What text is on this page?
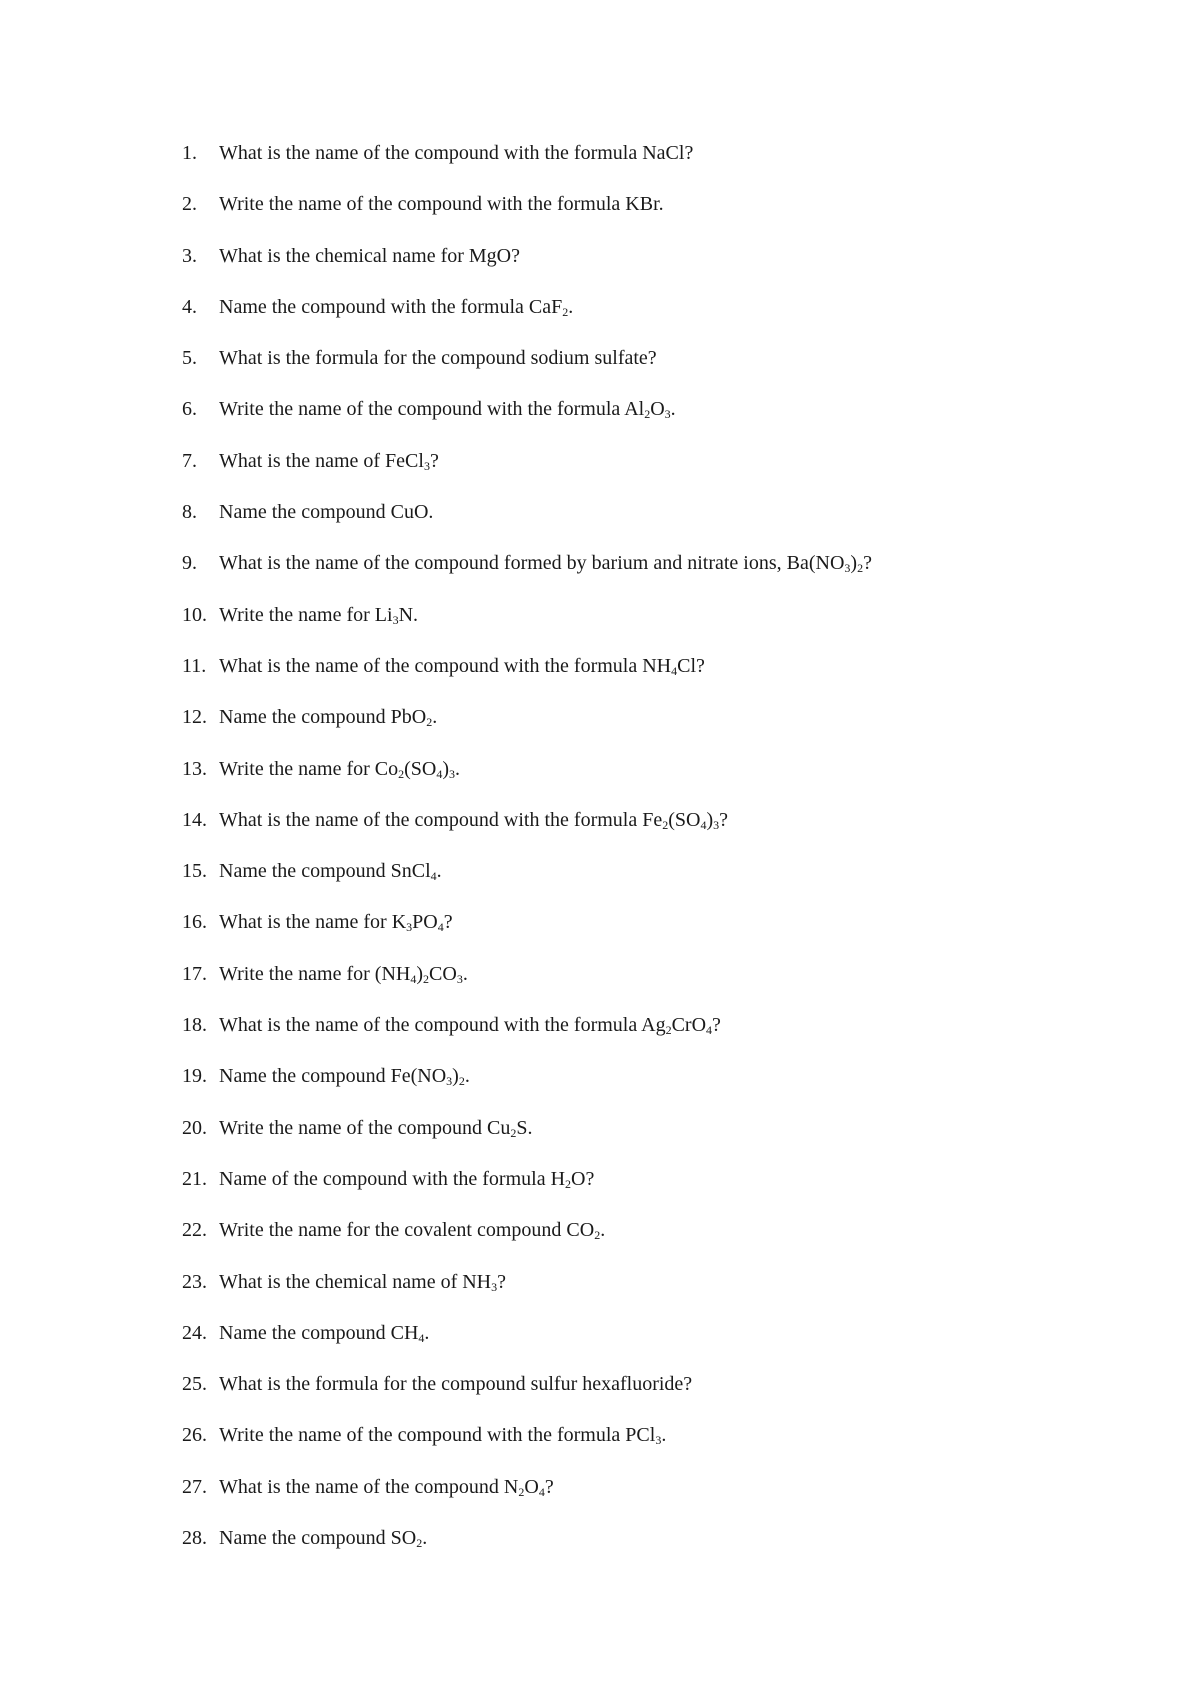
1. What is the name of the compound with the formula NaCl?
2. Write the name of the compound with the formula KBr.
3. What is the chemical name for MgO?
4. Name the compound with the formula CaF$_2$.
5. What is the formula for the compound sodium sulfate?
6. Write the name of the compound with the formula $Al_2O_3$.
7. What is the name of FeCl$_3$?
8. Name the compound CuO.
9. What is the name of the compound formed by barium and nitrate ions, $Ba(NO_3)_2$?
10. Write the name for $Li_3N$.
11. What is the name of the compound with the formula $NH_4Cl$?
12. Name the compound PbO$_2$.
13. Write the name for $Co_2(SO_4)_3$.
14. What is the name of the compound with the formula $Fe_2(SO_4)_3$?
15. Name the compound SnCl$_4$.
16. What is the name for $K_3PO_4$?
17. Write the name for $(NH_4)_2CO_3$.
18. What is the name of the compound with the formula $Ag_2CrO_4$?
19. Name the compound $Fe(NO_3)_2$.
20. Write the name of the compound $Cu_2S$.
21. Name of the compound with the formula $H_2O$?
22. Write the name for the covalent compound $CO_2$.
23. What is the chemical name of $NH_3$?
24. Name the compound $CH_4$.
25. What is the formula for the compound sulfur hexafluoride?
26. Write the name of the compound with the formula PCl$_3$.
27. What is the name of the compound $N_2O_4$?
28. Name the compound $SO_2$.
